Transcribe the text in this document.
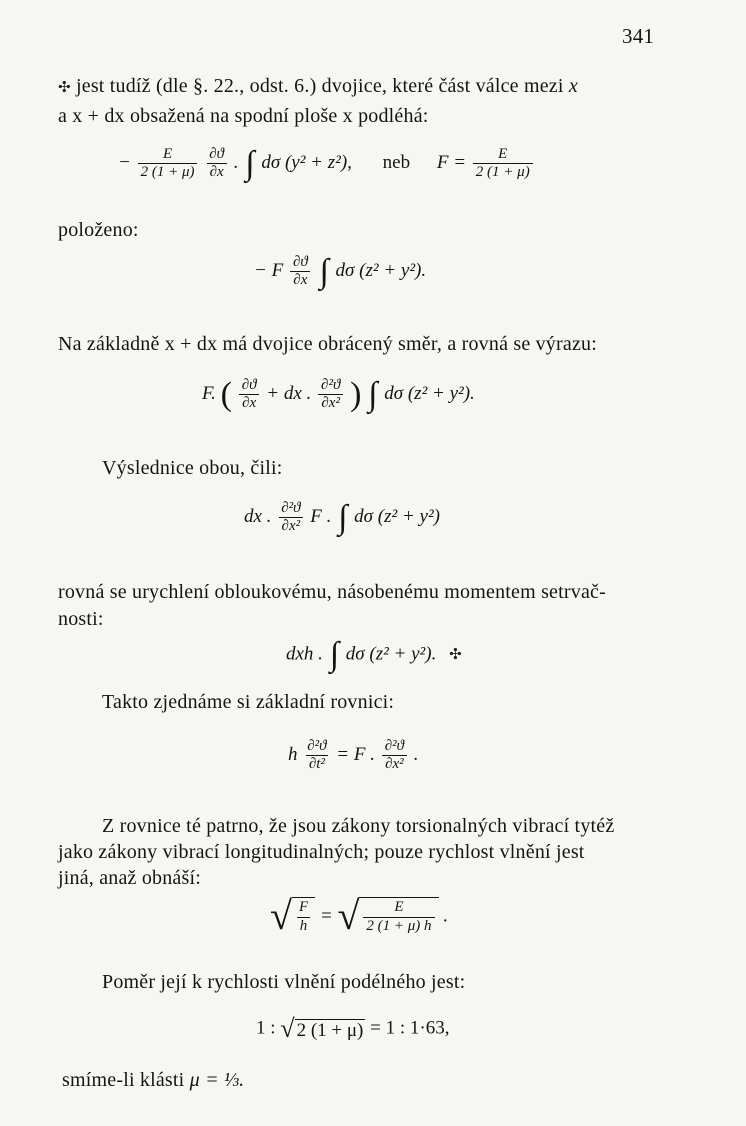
341
✣ jest tudíž (dle §. 22., odst. 6.) dvojice, které část válce mezi x
a x + dx obsažená na spodní ploše x podléhá:
− $\frac{E}{2 (1 + \mu)}$
$\frac{\partial ϑ}{\partial x}$ . ∫ dσ (y² + z²), neb $F = \frac{E}{2 (1 + \mu)}$
položeno:
− F $\frac{\partial ϑ}{\partial x}$ ∫ dσ (z² + y²).
Na základně x + dx má dvojice obrácený směr, a rovná se výrazu:
F. ( $\frac{\partial ϑ}{\partial x}$ + dx . $\frac{\text{∂²ϑ}}{\text{∂x²}}$ ) ∫ dσ (z² + y²).
Výslednice obou, čili:
dx . $\frac{\text{∂²ϑ}}{\text{∂x²}}$ F . ∫ dσ (z² + y²)
rovná se urychlení obloukovému, násobenému momentem setrvač-
nosti:
dxh . ∫ dσ (z² + y²). ✣
Takto zjednáme si základní rovnici:
h $\frac{\text{∂²ϑ}}{\text{∂t²}} = F$ . $\frac{\text{∂²ϑ}}{\text{∂x²}}$ .
Z rovnice té patrno, že jsou zákony torsionalných vibrací tytéž
jako zákony vibrací longitudinalných; pouze rychlost vlnění jest
jiná, anaž obnáší:
√ $\frac{F}{h}$ = √ $\frac{E}{2 (1 + \mu) h}$ .
Poměr její k rychlosti vlnění podélného jest:
1 : √ 2 (1 + μ) = 1 : 1·63,
smíme-li klásti μ = ⅓.
